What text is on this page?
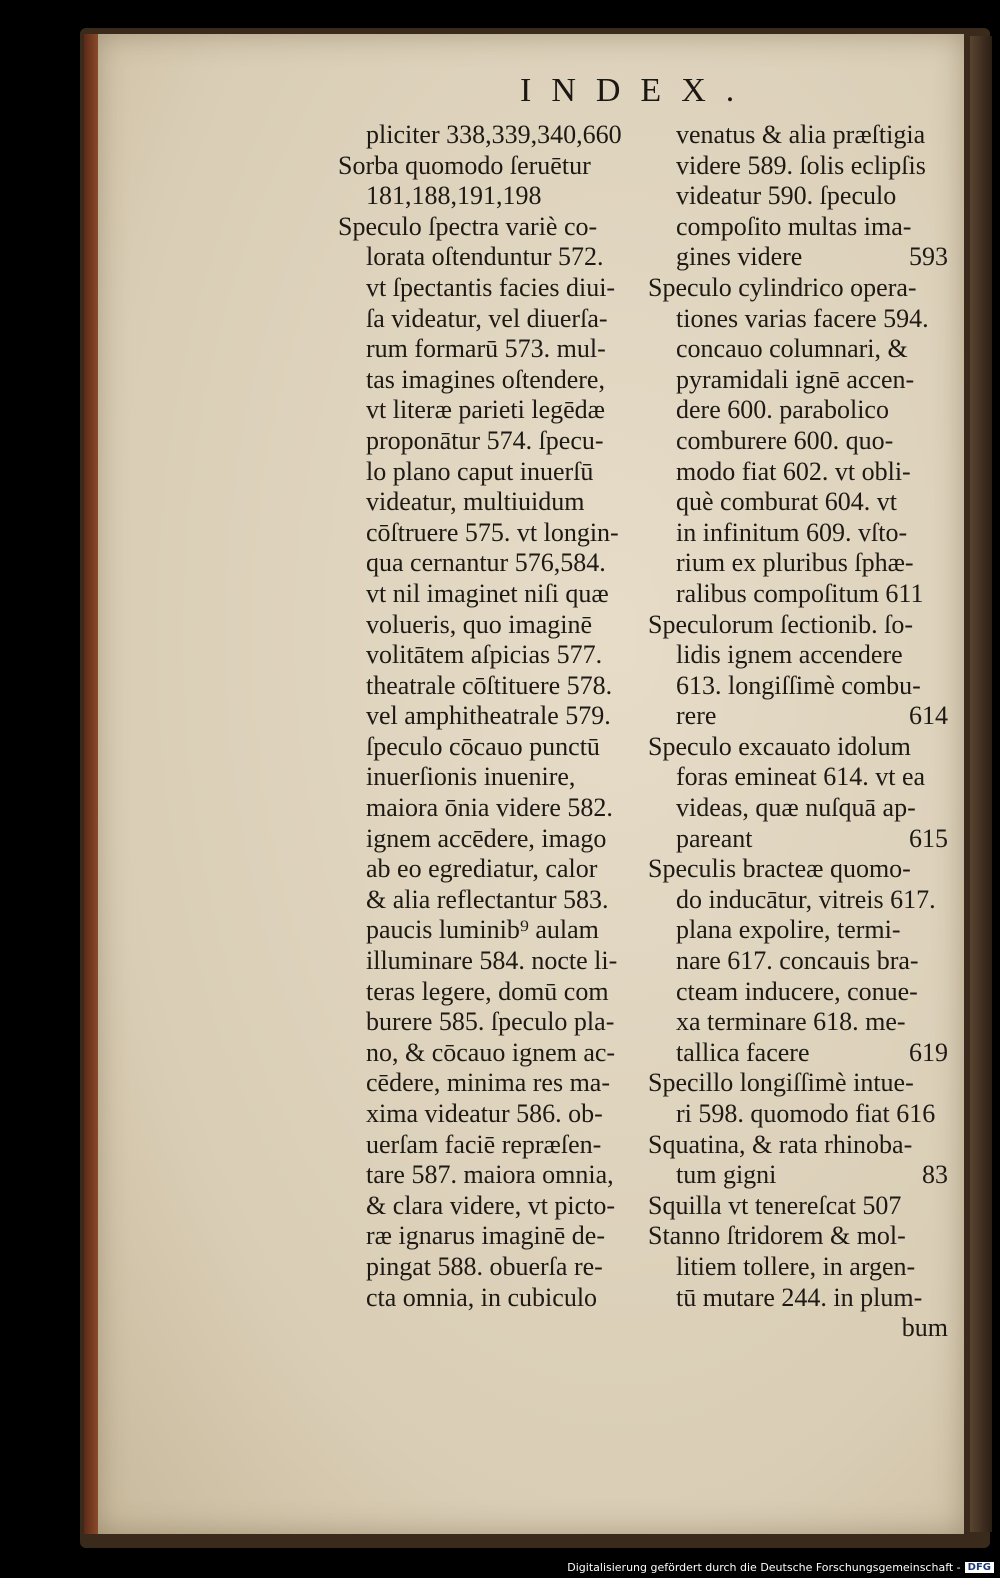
INDEX.
pliciter 338,339,340,660
Sorba quomodo ſeruētur
181,188,191,198
Speculo ſpectra variè co-
lorata oſtenduntur 572.
vt ſpectantis facies diui-
ſa videatur, vel diuerſa-
rum formarū 573. mul-
tas imagines oſtendere,
vt literæ parieti legēdæ
proponātur 574. ſpecu-
lo plano caput inuerſū
videatur, multiuidum
cōſtruere 575. vt longin-
qua cernantur 576,584.
vt nil imaginet niſi quæ
volueris, quo imaginē
volitātem aſpicias 577.
theatrale cōſtituere 578.
vel amphitheatrale 579.
ſpeculo cōcauo punctū
inuerſionis inuenire,
maiora ōnia videre 582.
ignem accēdere, imago
ab eo egrediatur, calor
& alia reflectantur 583.
paucis luminib⁹ aulam
illuminare 584. nocte li-
teras legere, domū com
burere 585. ſpeculo pla-
no, & cōcauo ignem ac-
cēdere, minima res ma-
xima videatur 586. ob-
uerſam faciē repræſen-
tare 587. maiora omnia,
& clara videre, vt picto-
ræ ignarus imaginē de-
pingat 588. obuerſa re-
cta omnia, in cubiculo
venatus & alia præſtigia
videre 589. ſolis eclipſis
videatur 590. ſpeculo
compoſito multas ima-
gines videre	593
Speculo cylindrico opera-
tiones varias facere 594.
concauo columnari, &
pyramidali ignē accen-
dere 600. parabolico
comburere 600. quo-
modo fiat 602. vt obli-
què comburat 604. vt
in infinitum 609. vſto-
rium ex pluribus ſphæ-
ralibus compoſitum 611
Speculorum ſectionib. ſo-
lidis ignem accendere
613. longiſſimè combu-
rere	614
Speculo excauato idolum
foras emineat 614. vt ea
videas, quæ nuſquā ap-
pareant	615
Speculis bracteæ quomo-
do inducātur, vitreis 617.
plana expolire, termi-
nare 617. concauis bra-
cteam inducere, conue-
xa terminare 618. me-
tallica facere	619
Specillo longiſſimè intue-
ri 598. quomodo fiat 616
Squatina, & rata rhinoba-
tum gigni	83
Squilla vt tenereſcat 507
Stanno ſtridorem & mol-
litiem tollere, in argen-
tū mutare 244. in plum-
bum
Digitalisierung gefördert durch die Deutsche Forschungsgemeinschaft - DFG
